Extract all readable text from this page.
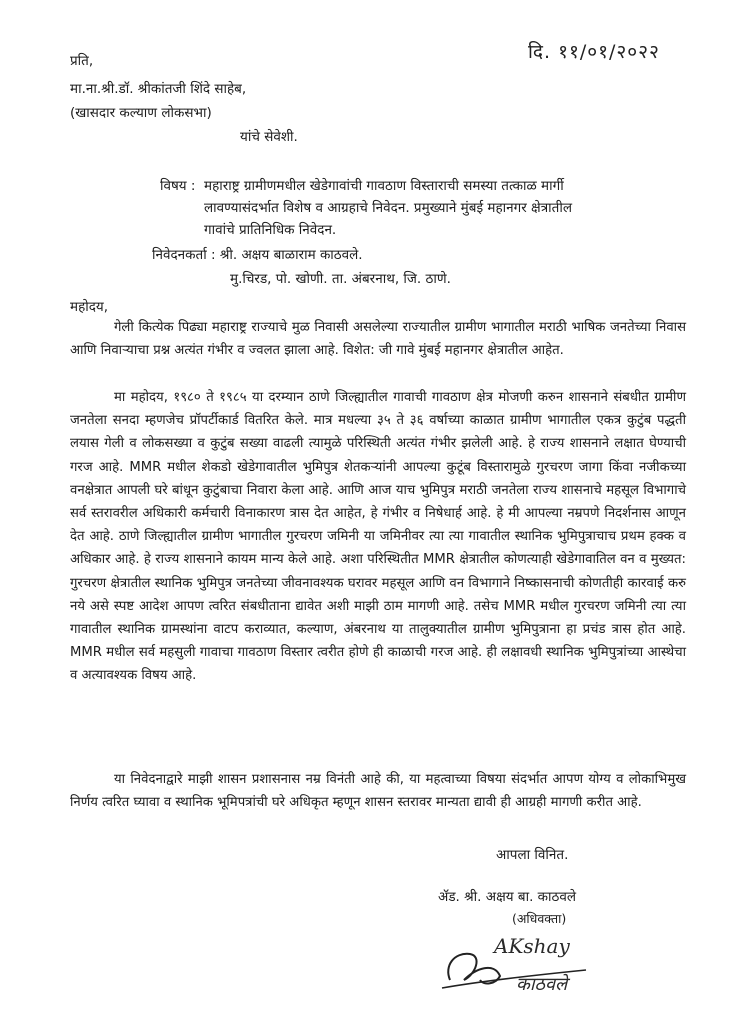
दि. ११/०१/२०२२
प्रति,
मा.ना.श्री.डॉ. श्रीकांतजी शिंदे साहेब,
(खासदार कल्याण लोकसभा)
यांचे सेवेशी.
विषय : महाराष्ट्र ग्रामीणमधील खेडेगावांची गावठाण विस्ताराची समस्या तत्काळ मार्गी
लावण्यासंदर्भात विशेष व आग्रहाचे निवेदन. प्रमुख्याने मुंबई महानगर क्षेत्रातील
गावांचे प्रातिनिधिक निवेदन.
निवेदनकर्ता : श्री. अक्षय बाळाराम काठवले.
मु.चिरड, पो. खोणी. ता. अंबरनाथ, जि. ठाणे.
महोदय,
गेली कित्येक पिढ्या महाराष्ट्र राज्याचे मुळ निवासी असलेल्या राज्यातील ग्रामीण भागातील मराठी भाषिक जनतेच्या निवास आणि निवाऱ्याचा प्रश्न अत्यंत गंभीर व ज्वलत झाला आहे. विशेत: जी गावे मुंबई महानगर क्षेत्रातील आहेत.
मा महोदय, १९८० ते १९८५ या दरम्यान ठाणे जिल्ह्यातील गावाची गावठाण क्षेत्र मोजणी करुन शासनाने संबधीत ग्रामीण जनतेला सनदा म्हणजेच प्रॉपर्टीकार्ड वितरित केले. मात्र मधल्या ३५ ते ३६ वर्षाच्या काळात ग्रामीण भागातील एकत्र कुटुंब पद्धती लयास गेली व लोकसख्या व कुटुंब सख्या वाढली त्यामुळे परिस्थिती अत्यंत गंभीर झलेली आहे. हे राज्य शासनाने लक्षात घेण्याची गरज आहे. MMR मधील शेकडो खेडेगावातील भुमिपुत्र शेतकऱ्यांनी आपल्या कुटूंब विस्तारामुळे गुरचरण जागा किंवा नजीकच्या वनक्षेत्रात आपली घरे बांधून कुटुंबाचा निवारा केला आहे. आणि आज याच भुमिपुत्र मराठी जनतेला राज्य शासनाचे महसूल विभागाचे सर्व स्तरावरील अधिकारी कर्मचारी विनाकारण त्रास देत आहेत, हे गंभीर व निषेधार्ह आहे. हे मी आपल्या नम्रपणे निदर्शनास आणून देत आहे. ठाणे जिल्ह्यातील ग्रामीण भागातील गुरचरण जमिनी या जमिनीवर त्या त्या गावातील स्थानिक भुमिपुत्राचाच प्रथम हक्क व अधिकार आहे. हे राज्य शासनाने कायम मान्य केले आहे. अशा परिस्थितीत MMR क्षेत्रातील कोणत्याही खेडेगावातिल वन व मुख्यत: गुरचरण क्षेत्रातील स्थानिक भुमिपुत्र जनतेच्या जीवनावश्यक घरावर महसूल आणि वन विभागाने निष्कासनाची कोणतीही कारवाई करु नये असे स्पष्ट आदेश आपण त्वरित संबधीताना द्यावेत अशी माझी ठाम मागणी आहे. तसेच MMR मधील गुरचरण जमिनी त्या त्या गावातील स्थानिक ग्रामस्थांना वाटप कराव्यात, कल्याण, अंबरनाथ या तालुक्यातील ग्रामीण भुमिपुत्राना हा प्रचंड त्रास होत आहे. MMR मधील सर्व महसुली गावाचा गावठाण विस्तार त्वरीत होणे ही काळाची गरज आहे. ही लक्षावधी स्थानिक भुमिपुत्रांच्या आस्थेचा व अत्यावश्यक विषय आहे.
या निवेदनाद्वारे माझी शासन प्रशासनास नम्र विनंती आहे की, या महत्वाच्या विषया संदर्भात आपण योग्य व लोकाभिमुख निर्णय त्वरित घ्यावा व स्थानिक भूमिपत्रांची घरे अधिकृत म्हणून शासन स्तरावर मान्यता द्यावी ही आग्रही मागणी करीत आहे.
आपला विनित.
ॲड. श्री. अक्षय बा. काठवले
(अधिवक्ता)
AKshay
काठवले
